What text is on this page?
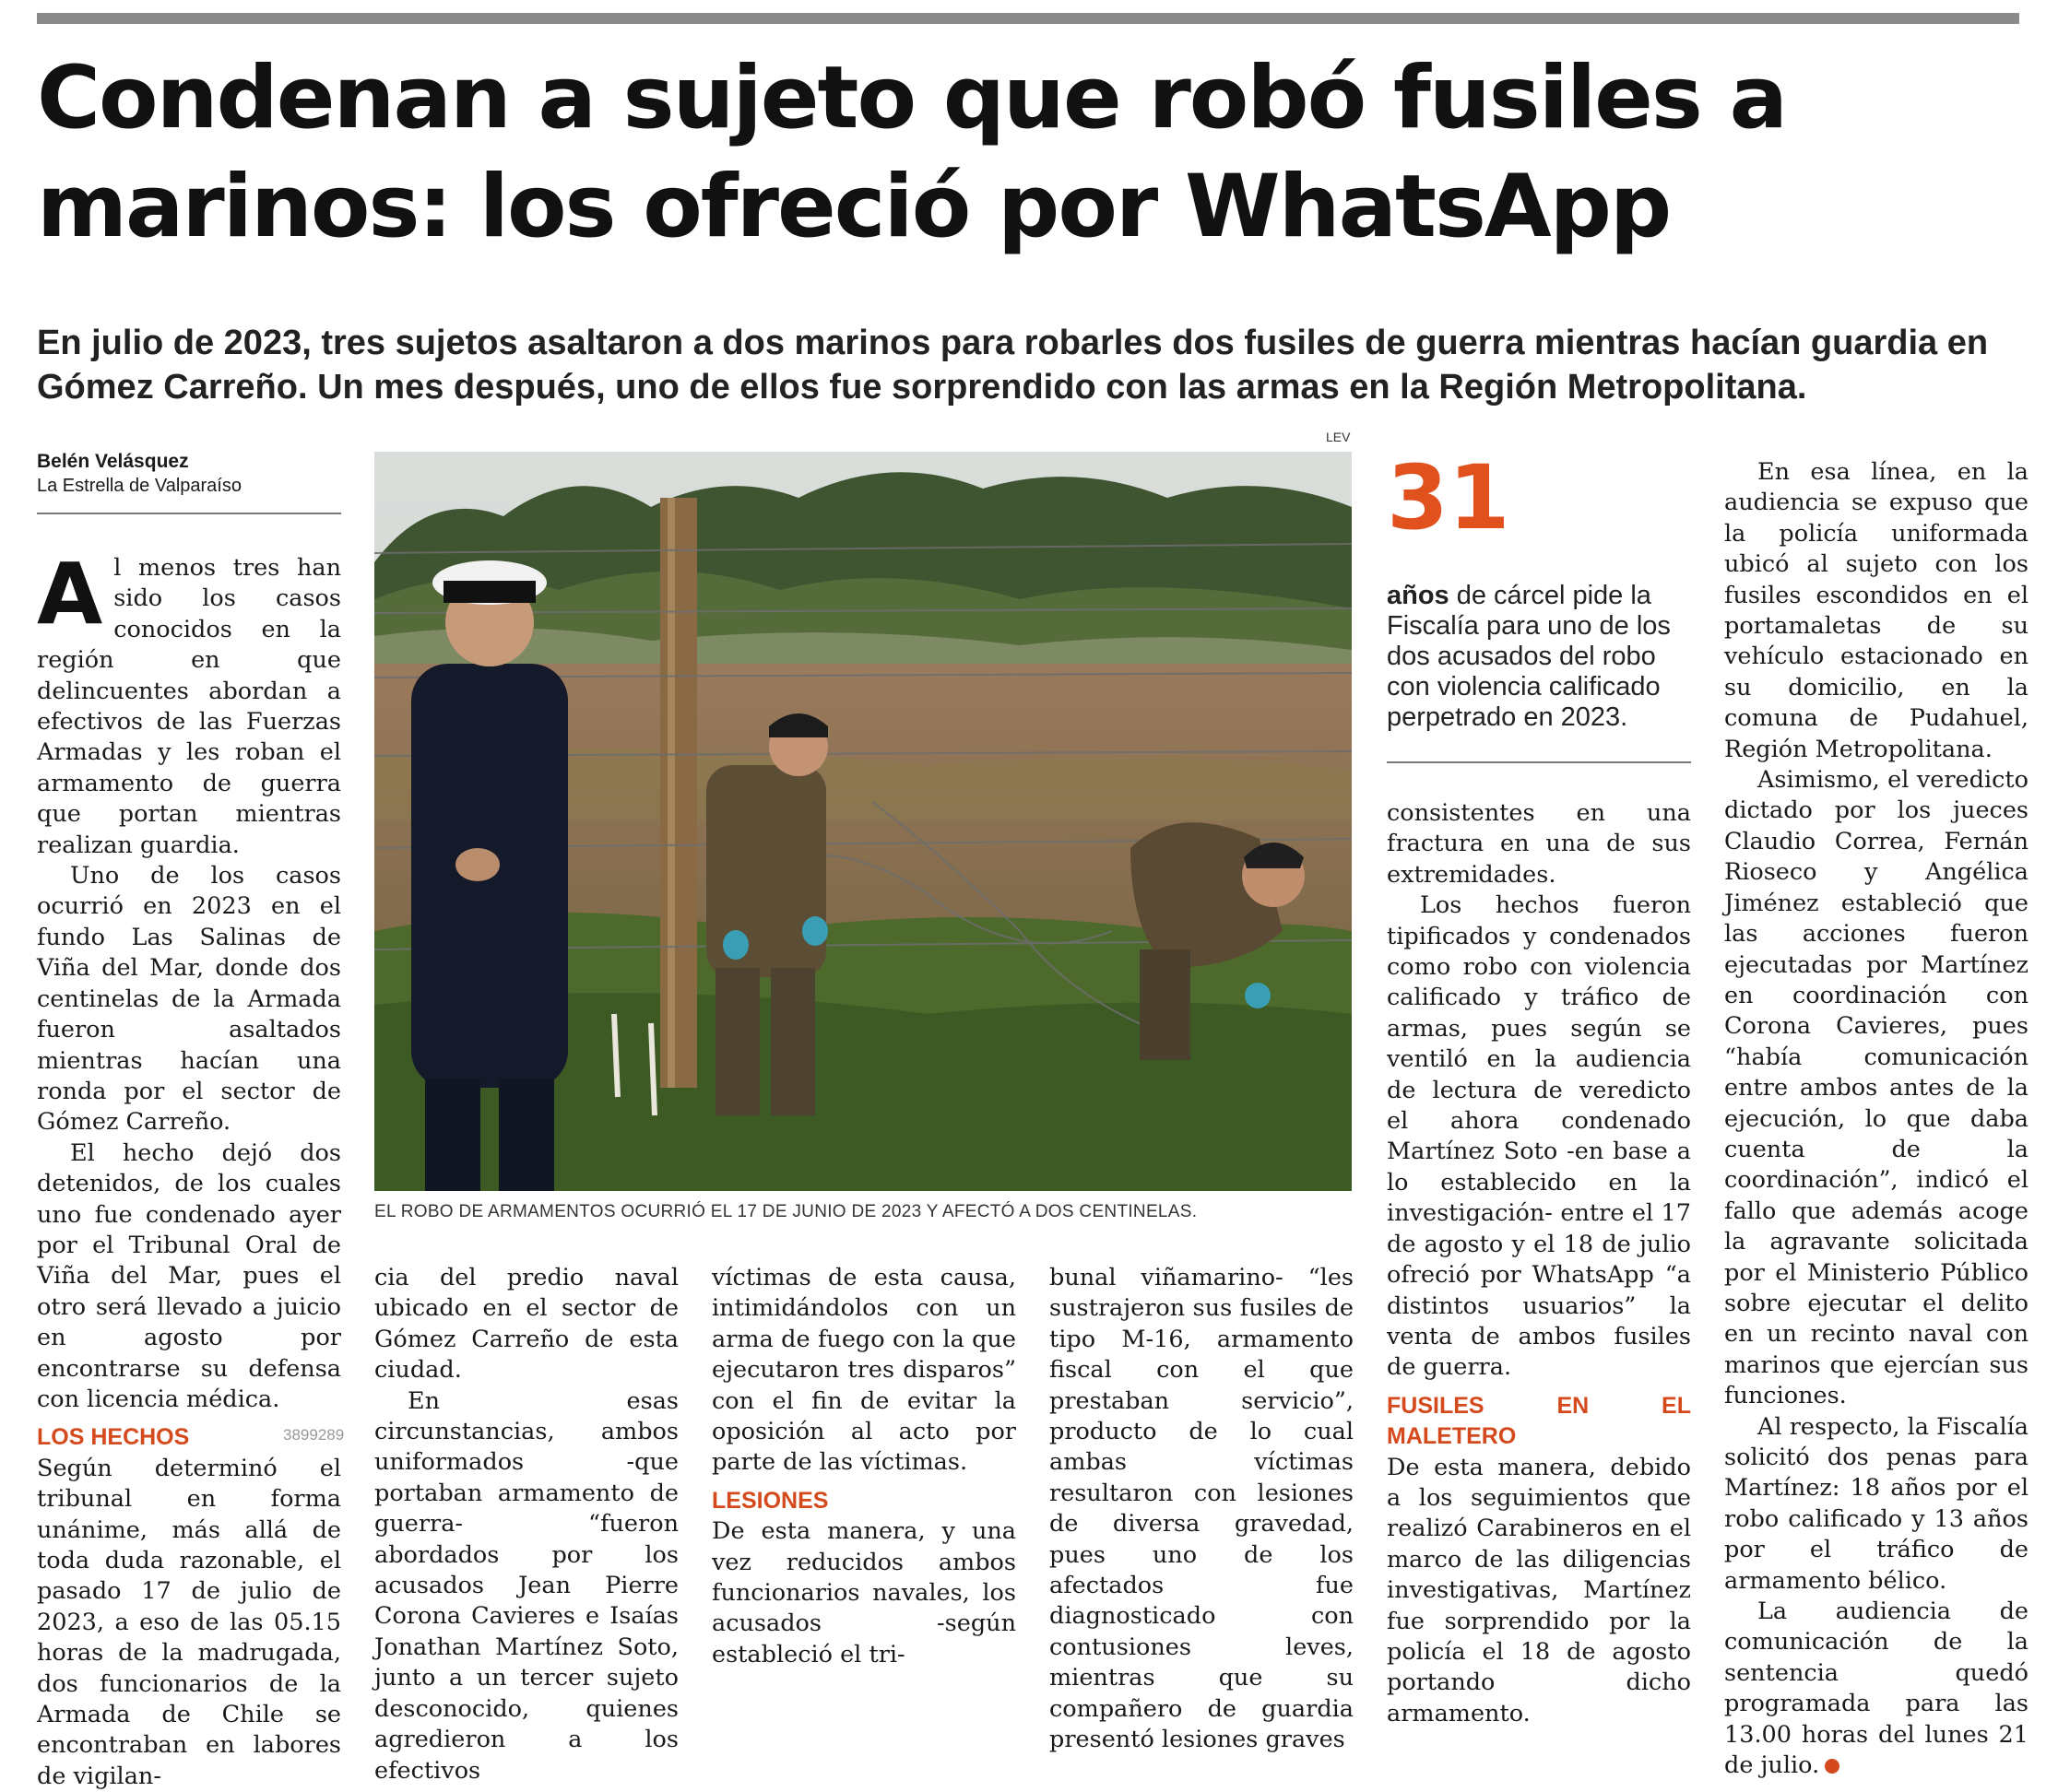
Condenan a sujeto que robó fusiles a marinos: los ofreció por WhatsApp

En julio de 2023, tres sujetos asaltaron a dos marinos para robarles dos fusiles de guerra mientras hacían guardia en Gómez Carreño. Un mes después, uno de ellos fue sorprendido con las armas en la Región Metropolitana.

Belén Velásquez
La Estrella de Valparaíso

Al menos tres han sido los casos conocidos en la región en que delincuentes abordan a efectivos de las Fuerzas Armadas y les roban el armamento de guerra que portan mientras realizan guardia.

Uno de los casos ocurrió en 2023 en el fundo Las Salinas de Viña del Mar, donde dos centinelas de la Armada fueron asaltados mientras hacían una ronda por el sector de Gómez Carreño.

El hecho dejó dos detenidos, de los cuales uno fue condenado ayer por el Tribunal Oral de Viña del Mar, pues el otro será llevado a juicio en agosto por encontrarse su defensa con licencia médica.

LOS HECHOS

Según determinó el tribunal en forma unánime, más allá de toda duda razonable, el pasado 17 de julio de 2023, a eso de las 05.15 horas de la madrugada, dos funcionarios de la Armada de Chile se encontraban en labores de vigilan-

LEV
EL ROBO DE ARMAMENTOS OCURRIÓ EL 17 DE JUNIO DE 2023 Y AFECTÓ A DOS CENTINELAS.
31
años de cárcel pide la Fiscalía para uno de los dos acusados del robo con violencia calificado perpetrado en 2023.

cia del predio naval ubicado en el sector de Gómez Carreño de esta ciudad.

En esas circunstancias, ambos uniformados -que portaban armamento de guerra- “fueron abordados por los acusados Jean Pierre Corona Cavieres e Isaías Jonathan Martínez Soto, junto a un tercer sujeto desconocido, quienes agredieron a los efectivos

víctimas de esta causa, intimidándolos con un arma de fuego con la que ejecutaron tres disparos” con el fin de evitar la oposición al acto por parte de las víctimas.

LESIONES

De esta manera, y una vez reducidos ambos funcionarios navales, los acusados -según estableció el tri-

bunal viñamarino- “les sustrajeron sus fusiles de tipo M-16, armamento fiscal con el que prestaban servicio”, producto de lo cual ambas víctimas resultaron con lesiones de diversa gravedad, pues uno de los afectados fue diagnosticado con contusiones leves, mientras que su compañero de guardia presentó lesiones graves

consistentes en una fractura en una de sus extremidades.

Los hechos fueron tipificados y condenados como robo con violencia calificado y tráfico de armas, pues según se ventiló en la audiencia de lectura de veredicto el ahora condenado Martínez Soto -en base a lo establecido en la investigación- entre el 17 de agosto y el 18 de julio ofreció por WhatsApp “a distintos usuarios” la venta de ambos fusiles de guerra.

FUSILES EN EL MALETERO

De esta manera, debido a los seguimientos que realizó Carabineros en el marco de las diligencias investigativas, Martínez fue sorprendido por la policía el 18 de agosto portando dicho armamento.

En esa línea, en la audiencia se expuso que la policía uniformada ubicó al sujeto con los fusiles escondidos en el portamaletas de su vehículo estacionado en su domicilio, en la comuna de Pudahuel, Región Metropolitana.

Asimismo, el veredicto dictado por los jueces Claudio Correa, Fernán Rioseco y Angélica Jiménez estableció que las acciones fueron ejecutadas por Martínez en coordinación con Corona Cavieres, pues “había comunicación entre ambos antes de la ejecución, lo que daba cuenta de la coordinación”, indicó el fallo que además acoge la agravante solicitada por el Ministerio Público sobre ejecutar el delito en un recinto naval con marinos que ejercían sus funciones.

Al respecto, la Fiscalía solicitó dos penas para Martínez: 18 años por el robo calificado y 13 años por el tráfico de armamento bélico.

La audiencia de comunicación de la sentencia quedó programada para las 13.00 horas del lunes 21 de julio.	✚

3899289
